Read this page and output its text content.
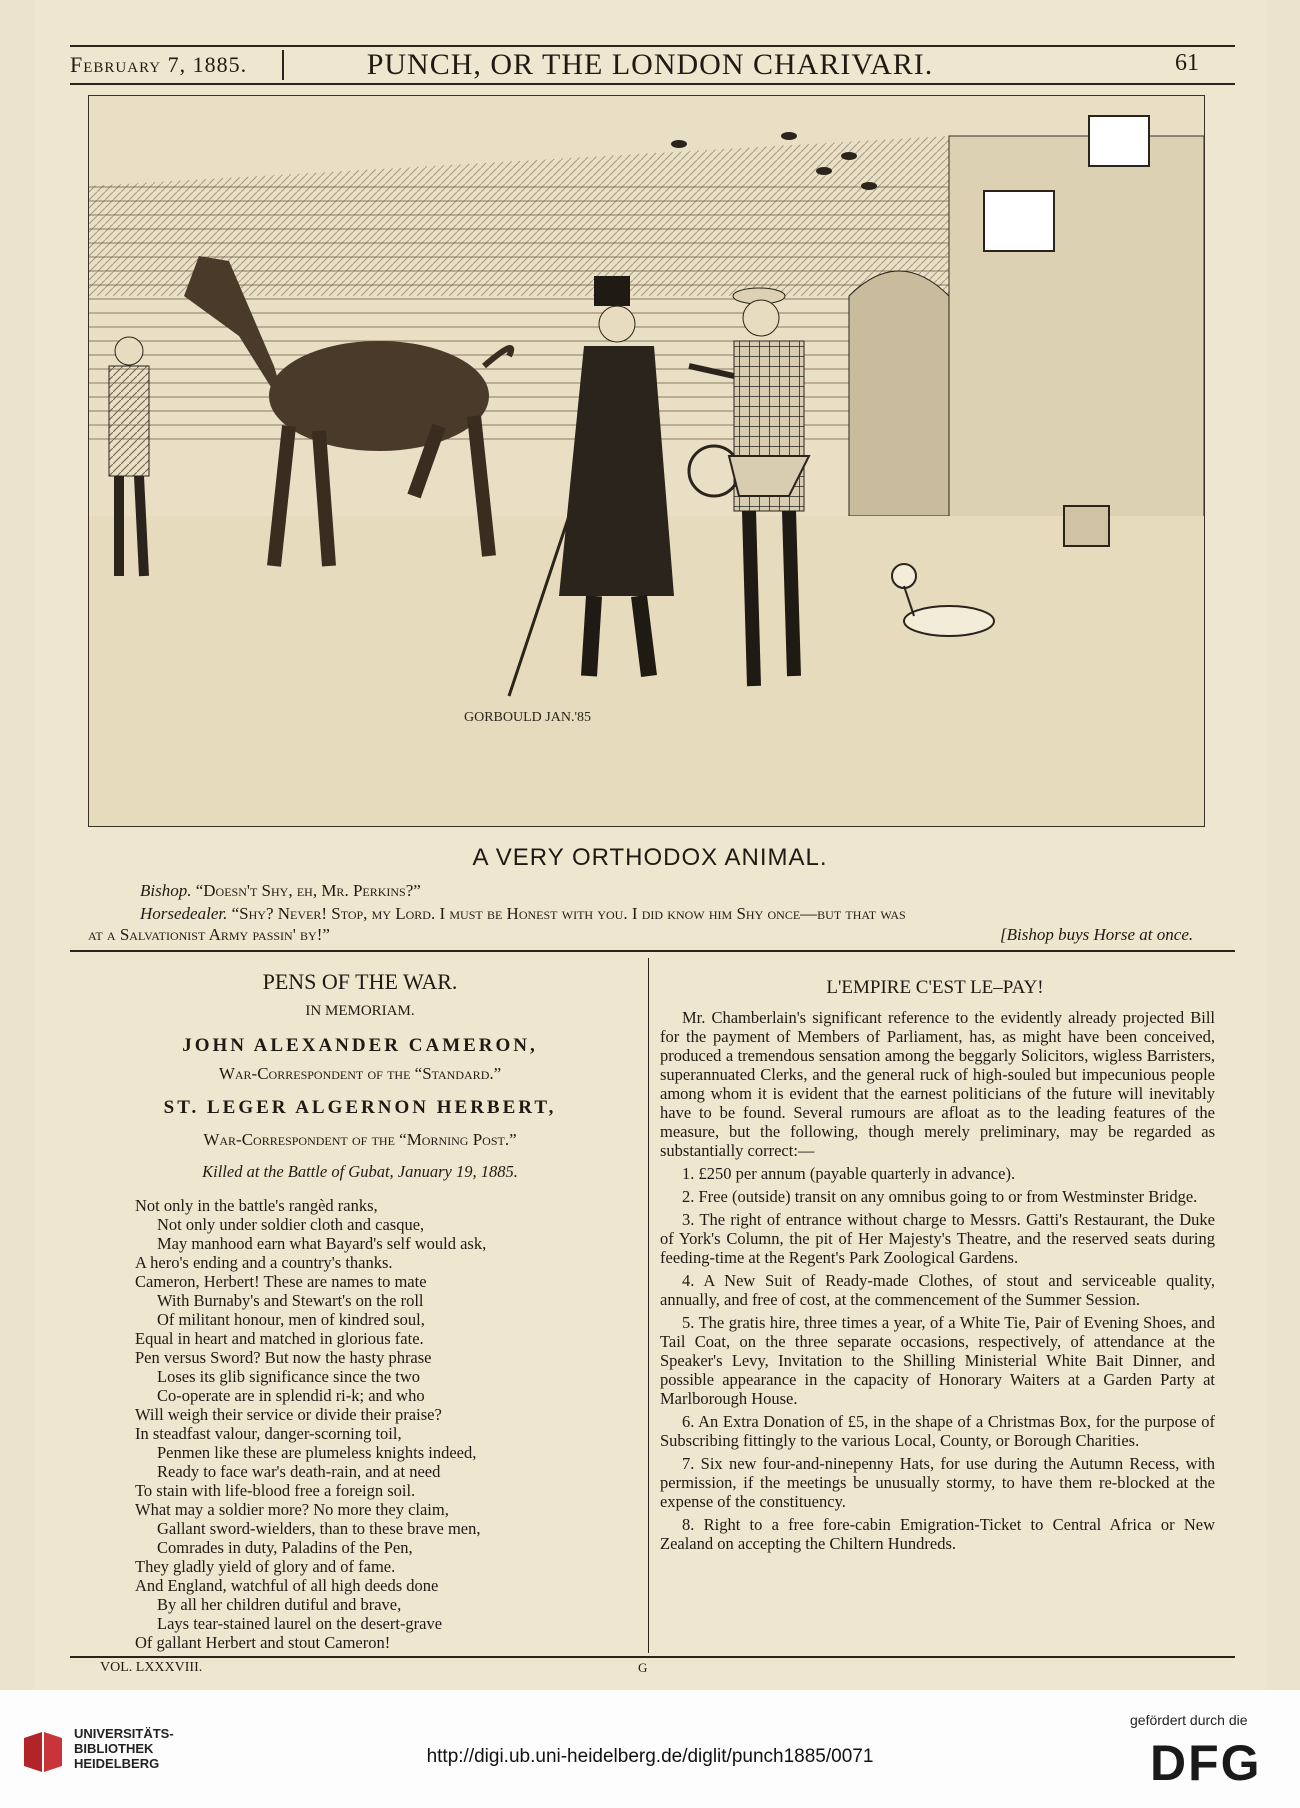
February 7, 1885.	PUNCH, OR THE LONDON CHARIVARI.	61
GORBOULD JAN.'85
A VERY ORTHODOX ANIMAL.
Bishop. “Doesn't Shy, eh, Mr. Perkins?”
Horsedealer. “Shy? Never! Stop, my Lord. I must be Honest with you. I did know him Shy once—but that was
at a Salvationist Army passin' by!”	[Bishop buys Horse at once.
PENS OF THE WAR.
IN MEMORIAM.
JOHN ALEXANDER CAMERON,
War-Correspondent of the “Standard.”
ST. LEGER ALGERNON HERBERT,
War-Correspondent of the “Morning Post.”
Killed at the Battle of Gubat, January 19, 1885.
Not only in the battle's rangèd ranks,
Not only under soldier cloth and casque,
May manhood earn what Bayard's self would ask,
A hero's ending and a country's thanks.
Cameron, Herbert! These are names to mate
With Burnaby's and Stewart's on the roll
Of militant honour, men of kindred soul,
Equal in heart and matched in glorious fate.
Pen versus Sword? But now the hasty phrase
Loses its glib significance since the two
Co-operate are in splendid ri-k; and who
Will weigh their service or divide their praise?
In steadfast valour, danger-scorning toil,
Penmen like these are plumeless knights indeed,
Ready to face war's death-rain, and at need
To stain with life-blood free a foreign soil.
What may a soldier more? No more they claim,
Gallant sword-wielders, than to these brave men,
Comrades in duty, Paladins of the Pen,
They gladly yield of glory and of fame.
And England, watchful of all high deeds done
By all her children dutiful and brave,
Lays tear-stained laurel on the desert-grave
Of gallant Herbert and stout Cameron!
L'EMPIRE C'EST LE–PAY!

Mr. Chamberlain's significant reference to the evidently already projected Bill for the payment of Members of Parliament, has, as might have been conceived, produced a tremendous sensation among the beggarly Solicitors, wigless Barristers, superannuated Clerks, and the general ruck of high-souled but impecunious people among whom it is evident that the earnest politicians of the future will inevitably have to be found. Several rumours are afloat as to the leading features of the measure, but the following, though merely preliminary, may be regarded as substantially correct:—

1. £250 per annum (payable quarterly in advance).

2. Free (outside) transit on any omnibus going to or from Westminster Bridge.

3. The right of entrance without charge to Messrs. Gatti's Restaurant, the Duke of York's Column, the pit of Her Majesty's Theatre, and the reserved seats during feeding-time at the Regent's Park Zoological Gardens.

4. A New Suit of Ready-made Clothes, of stout and serviceable quality, annually, and free of cost, at the commencement of the Summer Session.

5. The gratis hire, three times a year, of a White Tie, Pair of Evening Shoes, and Tail Coat, on the three separate occasions, respectively, of attendance at the Speaker's Levy, Invitation to the Shilling Ministerial White Bait Dinner, and possible appearance in the capacity of Honorary Waiters at a Garden Party at Marlborough House.

6. An Extra Donation of £5, in the shape of a Christmas Box, for the purpose of Subscribing fittingly to the various Local, County, or Borough Charities.

7. Six new four-and-ninepenny Hats, for use during the Autumn Recess, with permission, if the meetings be unusually stormy, to have them re-blocked at the expense of the constituency.

8. Right to a free fore-cabin Emigration-Ticket to Central Africa or New Zealand on accepting the Chiltern Hundreds.

VOL. LXXXVIII.	G
UNIVERSITÄTS-
BIBLIOTHEK
HEIDELBERG	http://digi.ub.uni-heidelberg.de/diglit/punch1885/0071
gefördert durch die
DFG
